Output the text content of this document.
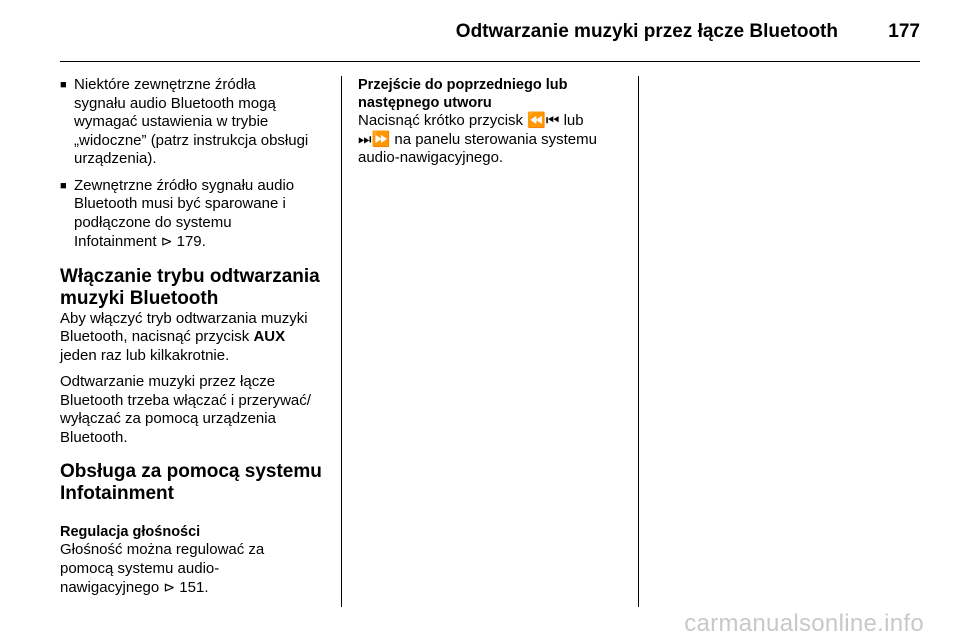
Odtwarzanie muzyki przez łącze Bluetooth	177
■ Niektóre zewnętrzne źródła
sygnału audio Bluetooth mogą
wymagać ustawienia w trybie
„widoczne” (patrz instrukcja obsługi
urządzenia).
■ Zewnętrzne źródło sygnału audio
Bluetooth musi być sparowane i
podłączone do systemu
Infotainment ⊳ 179.
Włączanie trybu odtwarzania
muzyki Bluetooth

Aby włączyć tryb odtwarzania muzyki
Bluetooth, nacisnąć przycisk AUX
jeden raz lub kilkakrotnie.

Odtwarzanie muzyki przez łącze
Bluetooth trzeba włączać i przerywać/
wyłączać za pomocą urządzenia
Bluetooth.

Obsługa za pomocą systemu
Infotainment
Regulacja głośności

Głośność można regulować za
pomocą systemu audio-
nawigacyjnego ⊳ 151.

Przejście do poprzedniego lub
następnego utworu

Nacisnąć krótko przycisk ⏪⏮ lub
⏭⏩ na panelu sterowania systemu
audio-nawigacyjnego.

carmanualsonline.info
